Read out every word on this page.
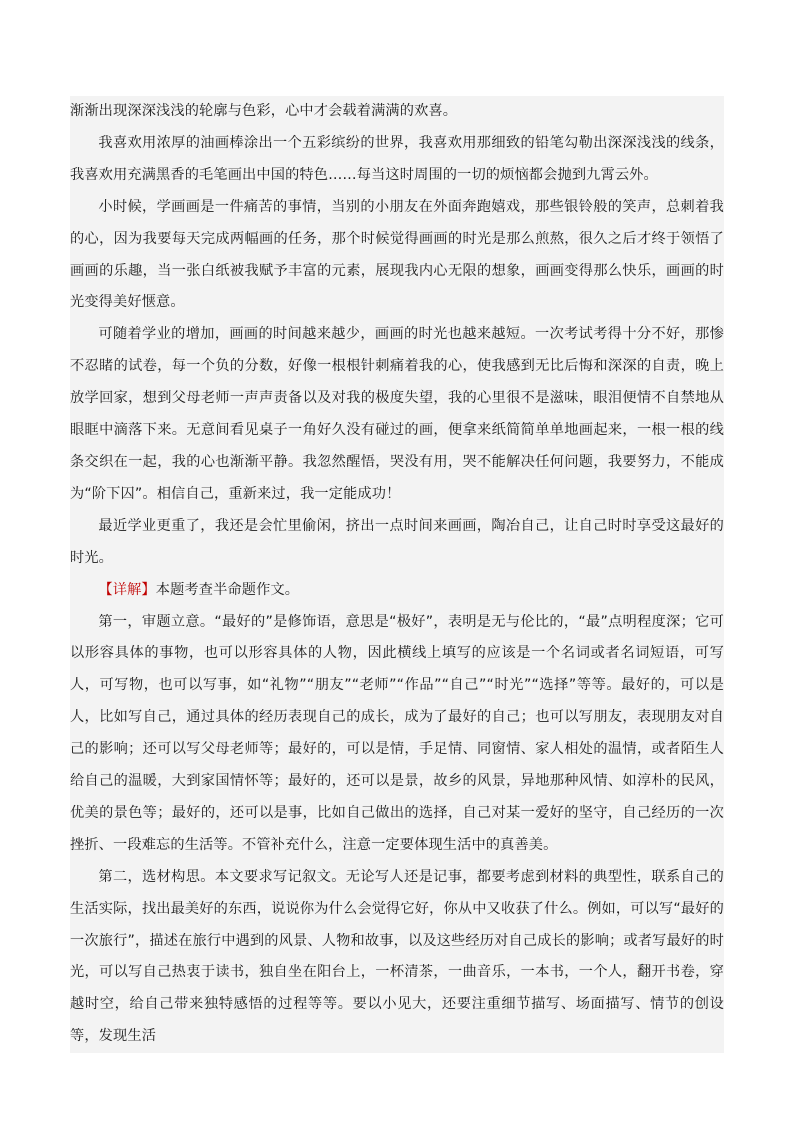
渐渐出现深深浅浅的轮廓与色彩，心中才会载着满满的欢喜。

我喜欢用浓厚的油画棒涂出一个五彩缤纷的世界，我喜欢用那细致的铅笔勾勒出深深浅浅的线条，我喜欢用充满黑香的毛笔画出中国的特色……每当这时周围的一切的烦恼都会抛到九霄云外。

小时候，学画画是一件痛苦的事情，当别的小朋友在外面奔跑嬉戏，那些银铃般的笑声，总刺着我的心，因为我要每天完成两幅画的任务，那个时候觉得画画的时光是那么煎熬，很久之后才终于领悟了画画的乐趣，当一张白纸被我赋予丰富的元素，展现我内心无限的想象，画画变得那么快乐，画画的时光变得美好惬意。

可随着学业的增加，画画的时间越来越少，画画的时光也越来越短。一次考试考得十分不好，那惨不忍睹的试卷，每一个负的分数，好像一根根针刺痛着我的心，使我感到无比后悔和深深的自责，晚上放学回家，想到父母老师一声声责备以及对我的极度失望，我的心里很不是滋味，眼泪便情不自禁地从眼眶中滴落下来。无意间看见桌子一角好久没有碰过的画，便拿来纸简简单单地画起来，一根一根的线条交织在一起，我的心也渐渐平静。我忽然醒悟，哭没有用，哭不能解决任何问题，我要努力，不能成为“阶下囚”。相信自己，重新来过，我一定能成功！

最近学业更重了，我还是会忙里偷闲，挤出一点时间来画画，陶冶自己，让自己时时享受这最好的时光。

【详解】本题考查半命题作文。

第一，审题立意。“最好的”是修饰语，意思是“极好”，表明是无与伦比的，“最”点明程度深；它可以形容具体的事物，也可以形容具体的人物，因此横线上填写的应该是一个名词或者名词短语，可写人，可写物，也可以写事，如“礼物”“朋友”“老师”“作品”“自己”“时光”“选择”等等。最好的，可以是人，比如写自己，通过具体的经历表现自己的成长，成为了最好的自己；也可以写朋友，表现朋友对自己的影响；还可以写父母老师等；最好的，可以是情，手足情、同窗情、家人相处的温情，或者陌生人给自己的温暖，大到家国情怀等；最好的，还可以是景，故乡的风景，异地那种风情、如淳朴的民风，优美的景色等；最好的，还可以是事，比如自己做出的选择，自己对某一爱好的坚守，自己经历的一次挫折、一段难忘的生活等。不管补充什么，注意一定要体现生活中的真善美。

第二，选材构思。本文要求写记叙文。无论写人还是记事，都要考虑到材料的典型性，联系自己的生活实际，找出最美好的东西，说说你为什么会觉得它好，你从中又收获了什么。例如，可以写“最好的一次旅行”，描述在旅行中遇到的风景、人物和故事，以及这些经历对自己成长的影响；或者写最好的时光，可以写自己热衷于读书，独自坐在阳台上，一杯清茶，一曲音乐，一本书，一个人，翻开书卷，穿越时空，给自己带来独特感悟的过程等等。要以小见大，还要注重细节描写、场面描写、情节的创设等，发现生活
